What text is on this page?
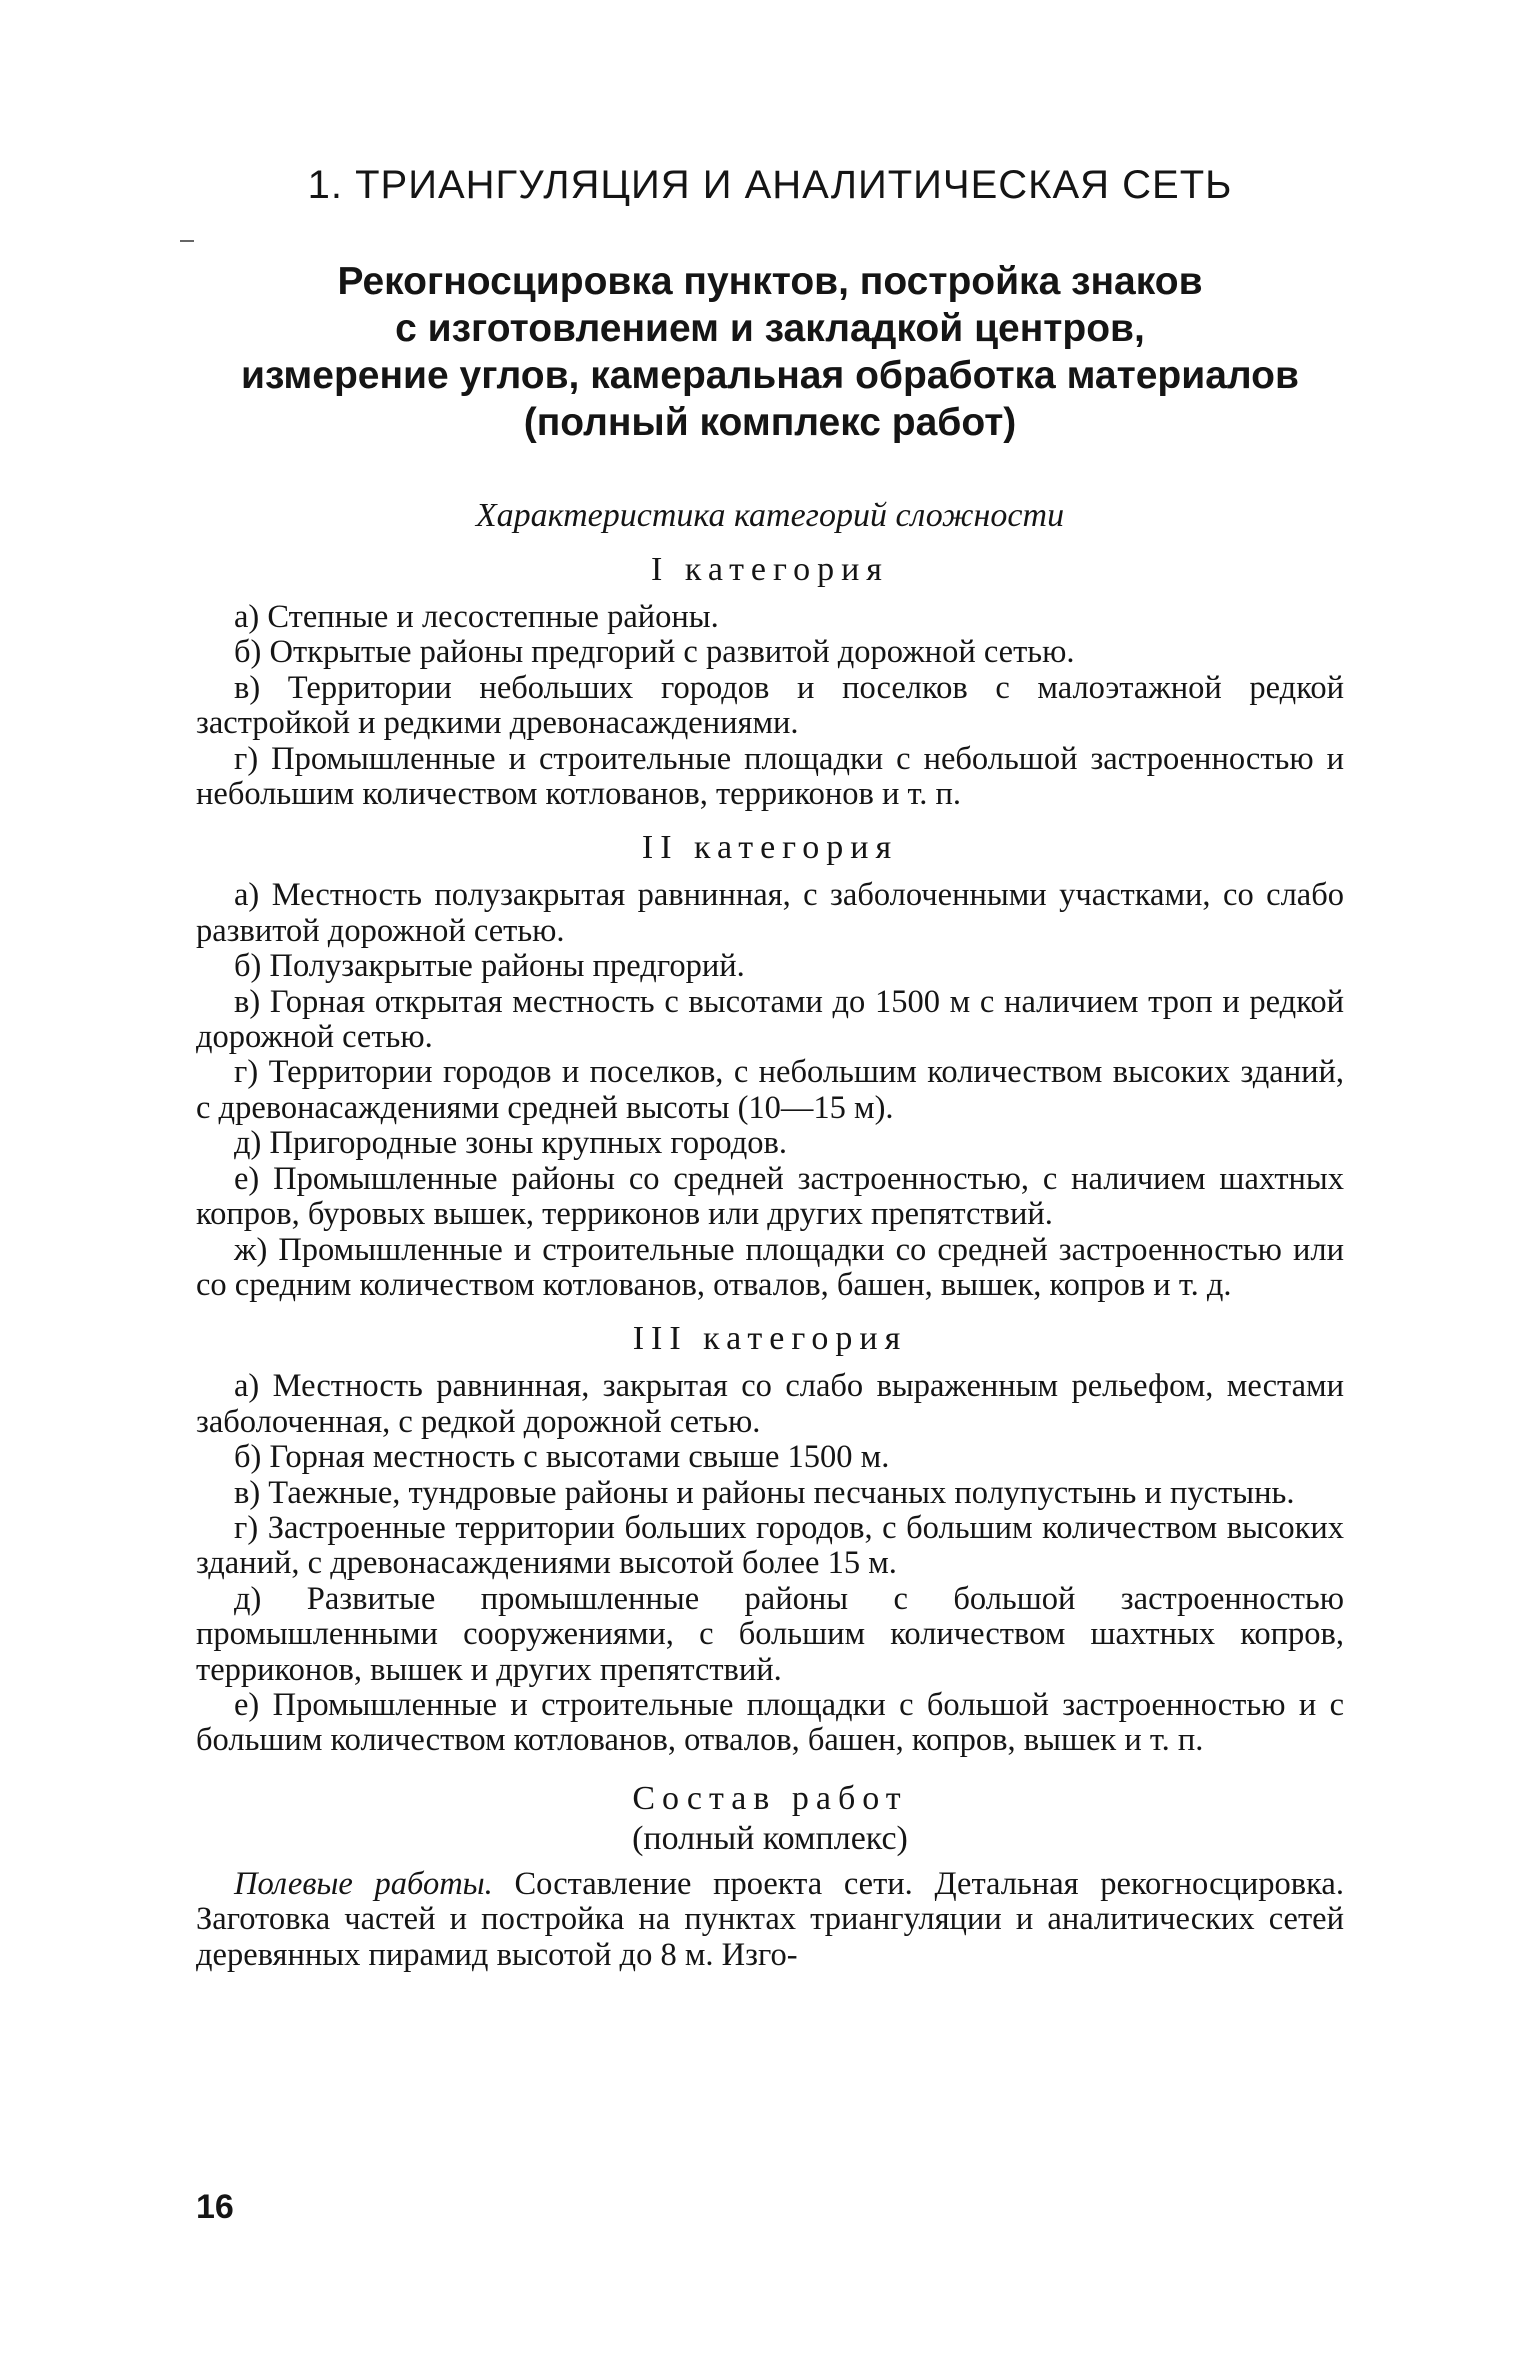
1. ТРИАНГУЛЯЦИЯ И АНАЛИТИЧЕСКАЯ СЕТЬ
Рекогносцировка пунктов, постройка знаков
с изготовлением и закладкой центров,
измерение углов, камеральная обработка материалов
(полный комплекс работ)
Характеристика категорий сложности
I категория

а) Степные и лесостепные районы.

б) Открытые районы предгорий с развитой дорожной сетью.

в) Территории небольших городов и поселков с малоэтажной редкой застройкой и редкими древонасаждениями.

г) Промышленные и строительные площадки с небольшой застроенностью и небольшим количеством котлованов, терриконов и т. п.

II категория

а) Местность полузакрытая равнинная, с заболоченными участками, со слабо развитой дорожной сетью.

б) Полузакрытые районы предгорий.

в) Горная открытая местность с высотами до 1500 м с наличием троп и редкой дорожной сетью.

г) Территории городов и поселков, с небольшим количеством высоких зданий, с древонасаждениями средней высоты (10—15 м).

д) Пригородные зоны крупных городов.

е) Промышленные районы со средней застроенностью, с наличием шахтных копров, буровых вышек, терриконов или других препятствий.

ж) Промышленные и строительные площадки со средней застроенностью или со средним количеством котлованов, отвалов, башен, вышек, копров и т. д.

III категория

а) Местность равнинная, закрытая со слабо выраженным рельефом, местами заболоченная, с редкой дорожной сетью.

б) Горная местность с высотами свыше 1500 м.

в) Таежные, тундровые районы и районы песчаных полупустынь и пустынь.

г) Застроенные территории больших городов, с большим количеством высоких зданий, с древонасаждениями высотой более 15 м.

д) Развитые промышленные районы с большой застроенностью промышленными сооружениями, с большим количеством шахтных копров, терриконов, вышек и других препятствий.

е) Промышленные и строительные площадки с большой застроенностью и с большим количеством котлованов, отвалов, башен, копров, вышек и т. п.

Состав работ
(полный комплекс)

Полевые работы. Составление проекта сети. Детальная рекогносцировка. Заготовка частей и постройка на пунктах триангуляции и аналитических сетей деревянных пирамид высотой до 8 м. Изго-

16
